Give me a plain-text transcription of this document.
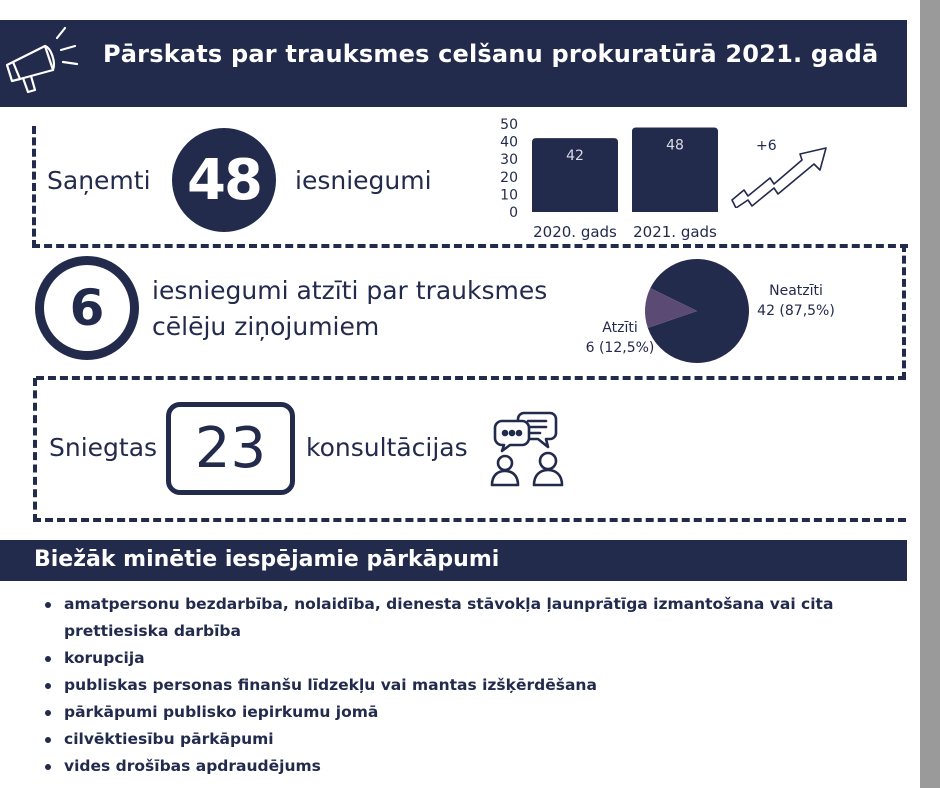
Pārskats par trauksmes celšanu prokuratūrā 2021. gadā
Saņemti 48 iesniegumi
0
10
20
30
40
50
42
2020. gads
48
2021. gads
+6
6 iesniegumi atzīti par trauksmes
cēlēju ziņojumiem
Neatzīti
42 (87,5%)
Atzīti
6 (12,5%)
Sniegtas 23 konsultācijas
Biežāk minētie iespējamie pārkāpumi
amatpersonu bezdarbība, nolaidība, dienesta stāvokļa ļaunprātīga izmantošana vai cita prettiesiska darbība
korupcija
publiskas personas finanšu līdzekļu vai mantas izšķērdēšana
pārkāpumi publisko iepirkumu jomā
cilvēktiesību pārkāpumi
vides drošības apdraudējums
